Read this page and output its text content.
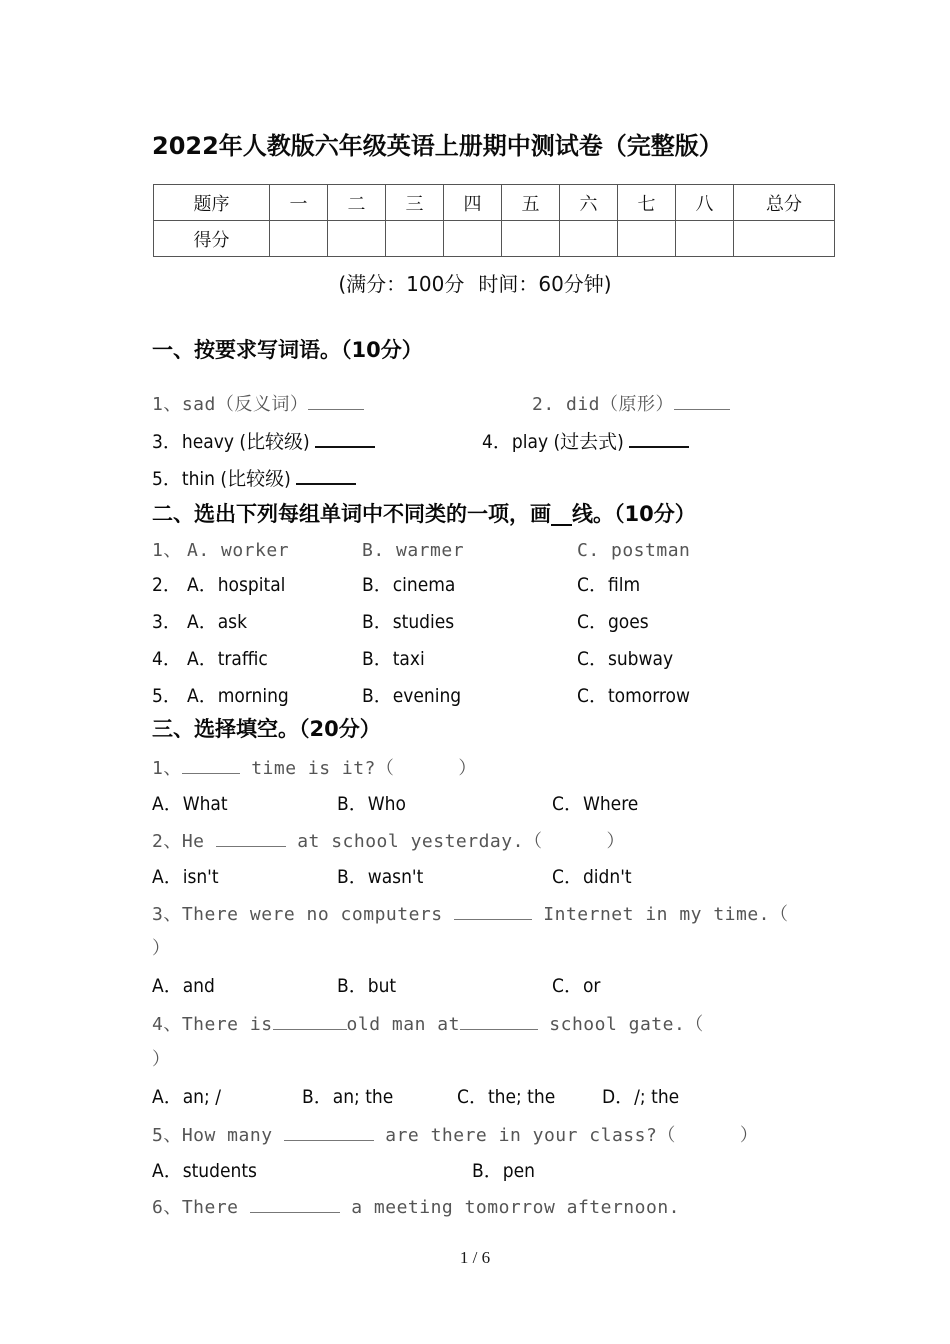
2022年人教版六年级英语上册期中测试卷（完整版）
题序	一	二	三	四	五	六	七	八	总分
得分									
(满分：100分 时间：60分钟)
一、按要求写词语。（10分）
1、sad（反义词）	2. did（原形）
3．heavy (比较级)	4．play (过去式)
5．thin (比较级)
二、选出下列每组单词中不同类的一项，画__线。（10分）
1、 A. worker	B. warmer	C. postman
2． A．hospital	B．cinema	C．film
3． A．ask	B．studies	C．goes
4． A．traffic	B．taxi	C．subway
5． A．morning	B．evening	C．tomorrow
三、选择填空。（20分）
1、	time is it?（	）
A．What	B．Who	C．Where
2、He	at school yesterday.（	）
A．isn't	B．wasn't	C．didn't
3、There were no computers	Internet in my time.（
）
A．and	B．but	C．or
4、There is	old man at	school gate.（
）
A．an; /	B．an; the	C．the; the D．/; the
5、How many	are there in your class?（	）
A．students	B．pen
6、There	a meeting tomorrow afternoon.
1 / 6
